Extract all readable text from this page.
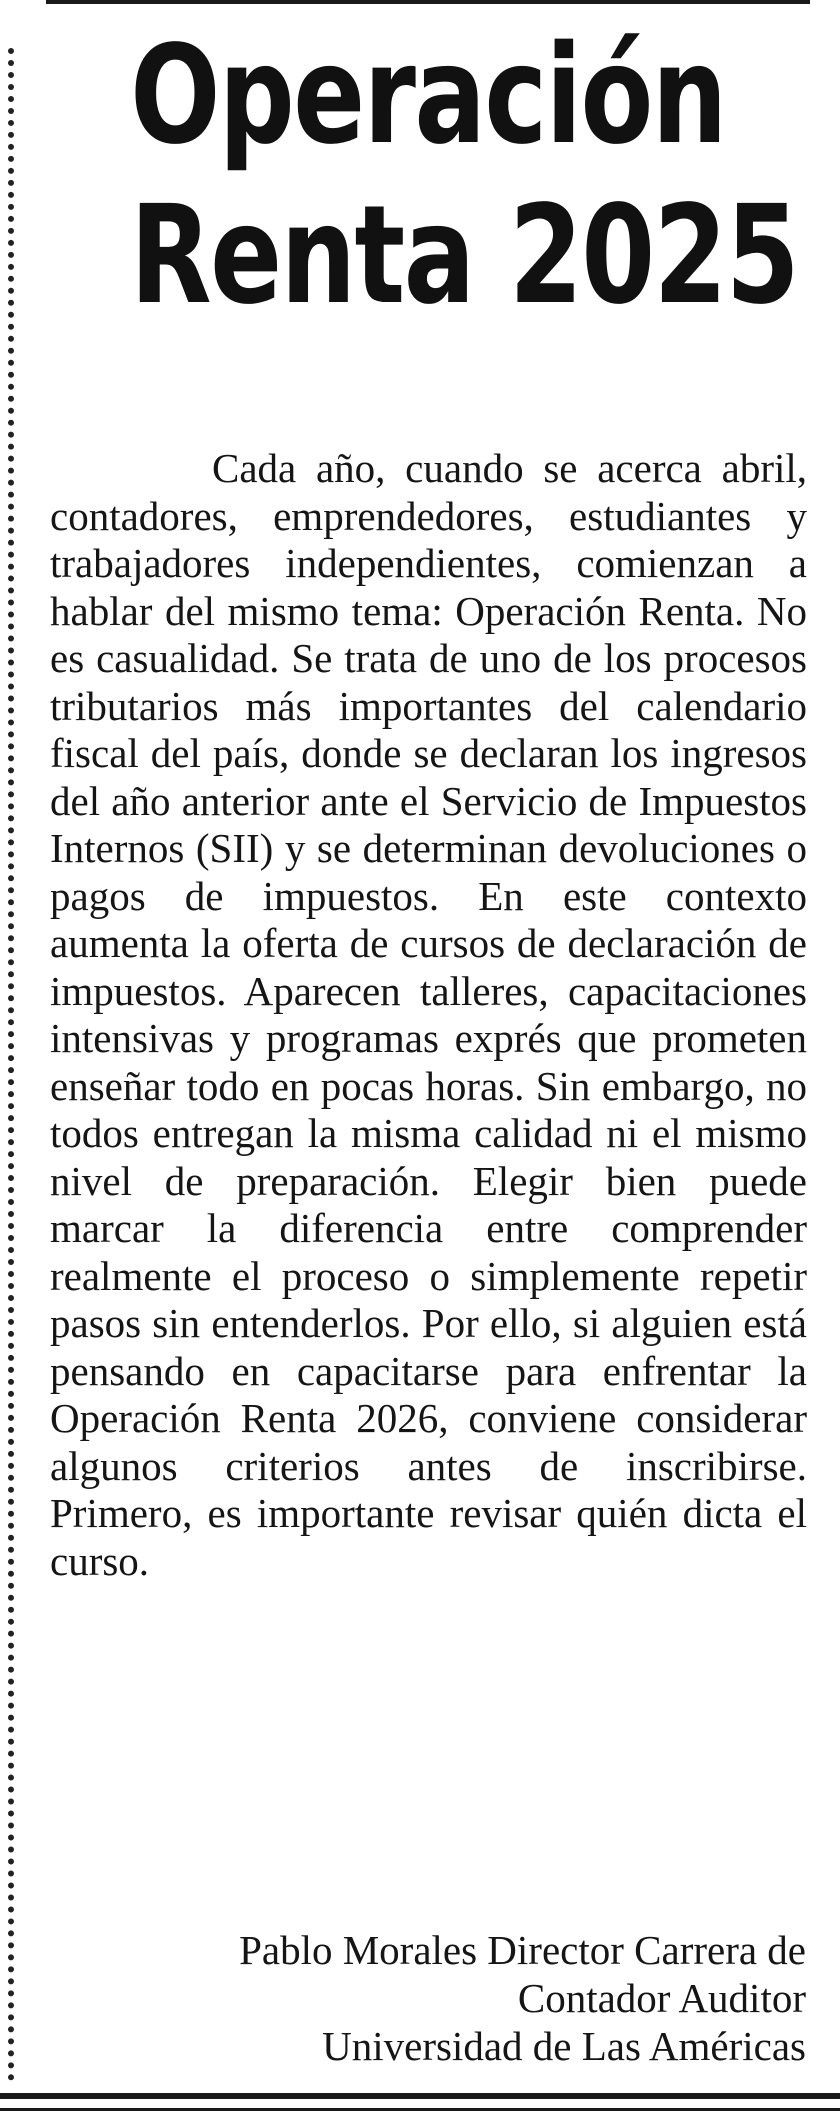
Operación
Renta 2025

Cada año, cuando se acerca abril, contadores, emprendedores, estudiantes y trabajadores independientes, comienzan a hablar del mismo tema: Operación Renta. No es casualidad. Se trata de uno de los procesos tributarios más importantes del calendario fiscal del país, donde se declaran los ingresos del año anterior ante el Servicio de Impuestos Internos (SII) y se determinan devoluciones o pagos de impuestos. En este contexto aumenta la oferta de cursos de declaración de impuestos. Aparecen talleres, capacitaciones intensivas y programas exprés que prometen enseñar todo en pocas horas. Sin embargo, no todos entregan la misma calidad ni el mismo nivel de preparación. Elegir bien puede marcar la diferencia entre comprender realmente el proceso o simplemente repetir pasos sin entenderlos. Por ello, si alguien está pensando en capacitarse para enfrentar la Operación Renta 2026, conviene considerar algunos criterios antes de inscribirse. Primero, es importante revisar quién dicta el curso.

Pablo Morales Director Carrera de
Contador Auditor
Universidad de Las Américas
